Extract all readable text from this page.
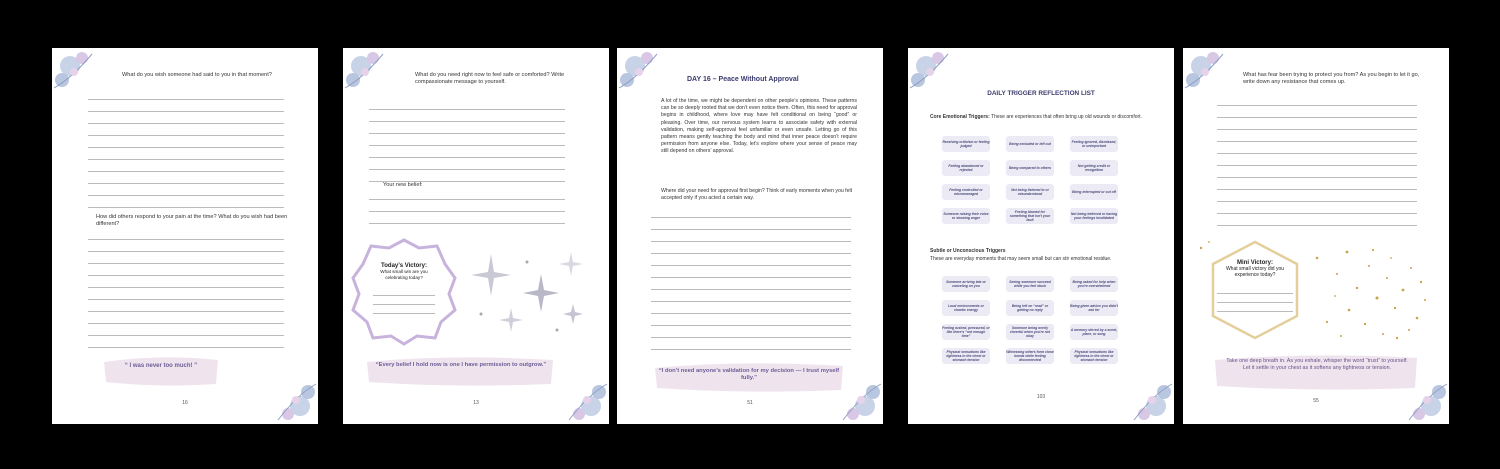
What do you wish someone had said to you in that moment?
How did others respond to your pain at the time? What do you wish had been different?
“ I was never too much! ”
16
What do you need right now to feel safe or comforted? Write compassionate message to yourself.
Your new belief:
Today’s Victory:
What small win are you celebrating today?
“Every belief I hold now is one I have permission to outgrow.”
13
DAY 16 – Peace Without Approval
A lot of the time, we might be dependent on other people’s opinions. These patterns can be so deeply rooted that we don’t even notice them. Often, this need for approval begins in childhood, where love may have felt conditional on being “good” or pleasing. Over time, our nervous system learns to associate safety with external validation, making self-approval feel unfamiliar or even unsafe. Letting go of this pattern means gently teaching the body and mind that inner peace doesn’t require permission from anyone else. Today, let’s explore where your sense of peace may still depend on others’ approval.
Where did your need for approval first begin? Think of early moments when you felt accepted only if you acted a certain way.
“I don’t need anyone’s validation for my decision — I trust myself fully.”
51
DAILY TRIGGER REFLECTION LIST
Core Emotional Triggers: These are experiences that often bring up old wounds or discomfort.
Subtle or Unconscious Triggers
These are everyday moments that may seem small but can stir emotional residue.
103
Receiving criticism or feeling judged
Being excluded or left out
Feeling ignored, dismissed, or unimportant
Feeling abandoned or rejected
Being compared to others
Not getting credit or recognition
Feeling controlled or micromanaged
Not being listened to or misunderstood
Being interrupted or cut off
Someone raising their voice or showing anger
Feeling blamed for something that isn't your fault
Not being believed or having your feelings invalidated
Someone arriving late or canceling on you
Seeing someone succeed while you feel stuck
Being asked for help when you're overwhelmed
Loud environments or chaotic energy
Being left on “read” or getting no reply
Being given advice you didn't ask for
Feeling rushed, pressured, or like there's “not enough time”
Someone being overly cheerful when you're not okay
A memory stirred by a scent, place, or song
Physical sensations like tightness in the chest or stomach tension
Witnessing others form close bonds while feeling disconnected
Physical sensations like tightness in the chest or stomach tension
What has fear been trying to protect you from? As you begin to let it go, write down any resistance that comes up.
Mini Victory:
What small victory did you experience today?
Take one deep breath in. As you exhale, whisper the word “trust” to yourself. Let it settle in your chest as it softens any tightness or tension.
55
